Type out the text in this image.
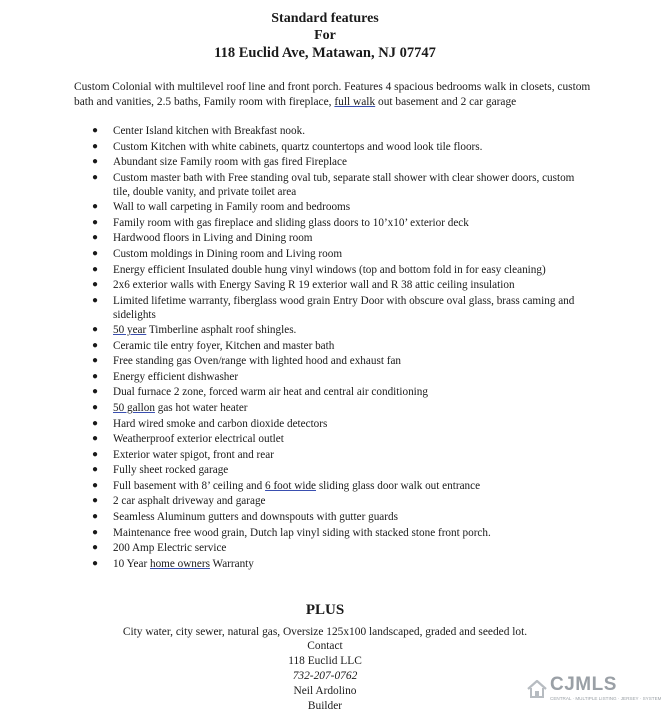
Standard features
For
118 Euclid Ave, Matawan, NJ 07747
Custom Colonial with multilevel roof line and front porch. Features 4 spacious bedrooms walk in closets, custom bath and vanities, 2.5 baths, Family room with fireplace, full walk out basement and 2 car garage
● Center Island kitchen with Breakfast nook.
● Custom Kitchen with white cabinets, quartz countertops and wood look tile floors.
● Abundant size Family room with gas fired Fireplace
● Custom master bath with Free standing oval tub, separate stall shower with clear shower doors, custom tile, double vanity, and private toilet area
● Wall to wall carpeting in Family room and bedrooms
● Family room with gas fireplace and sliding glass doors to 10’x10’ exterior deck
● Hardwood floors in Living and Dining room
● Custom moldings in Dining room and Living room
● Energy efficient Insulated double hung vinyl windows (top and bottom fold in for easy cleaning)
● 2x6 exterior walls with Energy Saving R 19 exterior wall and R 38 attic ceiling insulation
● Limited lifetime warranty, fiberglass wood grain Entry Door with obscure oval glass, brass caming and sidelights
● 50 year Timberline asphalt roof shingles.
● Ceramic tile entry foyer, Kitchen and master bath
● Free standing gas Oven/range with lighted hood and exhaust fan
● Energy efficient dishwasher
● Dual furnace 2 zone, forced warm air heat and central air conditioning
● 50 gallon gas hot water heater
● Hard wired smoke and carbon dioxide detectors
● Weatherproof exterior electrical outlet
● Exterior water spigot, front and rear
● Fully sheet rocked garage
● Full basement with 8’ ceiling and 6 foot wide sliding glass door walk out entrance
● 2 car asphalt driveway and garage
● Seamless Aluminum gutters and downspouts with gutter guards
● Maintenance free wood grain, Dutch lap vinyl siding with stacked stone front porch.
● 200 Amp Electric service
● 10 Year home owners Warranty
PLUS
City water, city sewer, natural gas, Oversize 125x100 landscaped, graded and seeded lot.
Contact
118 Euclid LLC
732-207-0762
Neil Ardolino
Builder
CJMLS
CENTRAL · MULTIPLE LISTING · JERSEY · SYSTEM
